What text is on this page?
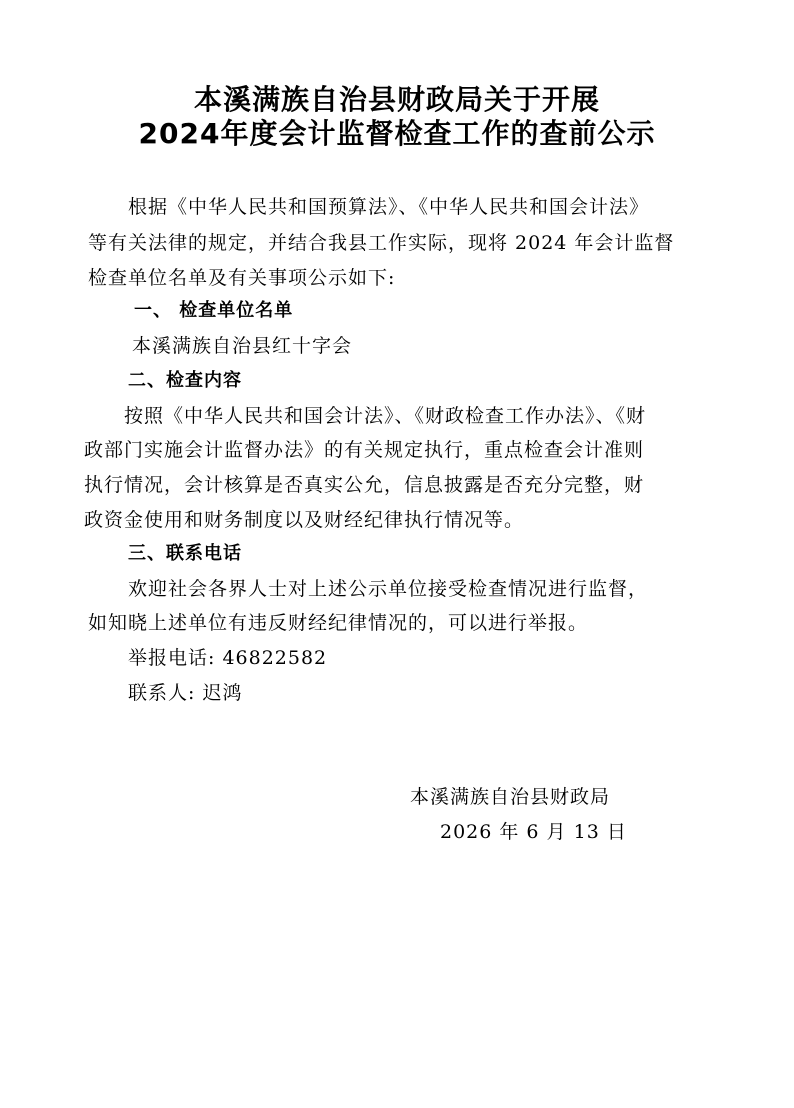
本溪满族自治县财政局关于开展
2024年度会计监督检查工作的查前公示
根据《中华人民共和国预算法》、《中华人民共和国会计法》
等有关法律的规定，并结合我县工作实际，现将 2024 年会计监督
检查单位名单及有关事项公示如下:
一、 检查单位名单
本溪满族自治县红十字会
二、检查内容
按照《中华人民共和国会计法》、《财政检查工作办法》、《财
政部门实施会计监督办法》的有关规定执行，重点检查会计准则
执行情况，会计核算是否真实公允，信息披露是否充分完整，财
政资金使用和财务制度以及财经纪律执行情况等。
三、联系电话
欢迎社会各界人士对上述公示单位接受检查情况进行监督，
如知晓上述单位有违反财经纪律情况的，可以进行举报。
举报电话: 46822582
联系人: 迟鸿
本溪满族自治县财政局
2026 年 6 月 13 日
